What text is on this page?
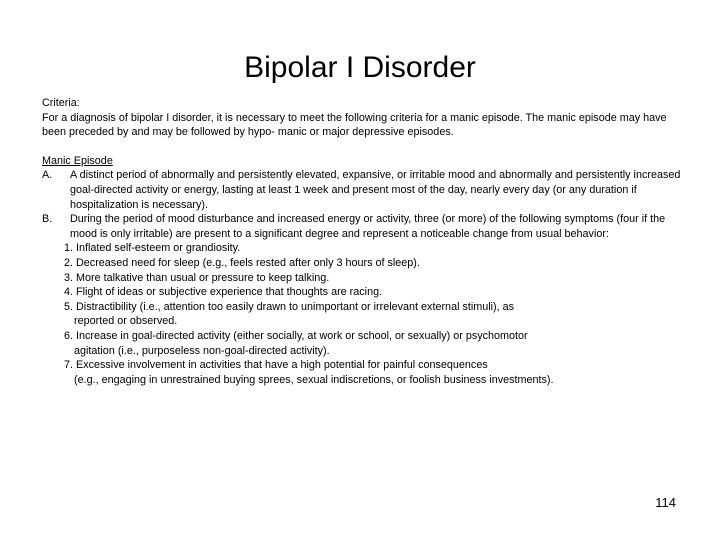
Bipolar I Disorder

Criteria:

For a diagnosis of bipolar I disorder, it is necessary to meet the following criteria for a manic episode. The manic episode may have been preceded by and may be followed by hypo- manic or major depressive episodes.

Manic Episode

A. A distinct period of abnormally and persistently elevated, expansive, or irritable mood and abnormally and persistently increased goal-directed activity or energy, lasting at least 1 week and present most of the day, nearly every day (or any duration if hospitalization is necessary).
B. During the period of mood disturbance and increased energy or activity, three (or more) of the following symptoms (four if the mood is only irritable) are present to a significant degree and represent a noticeable change from usual behavior:
1. Inflated self-esteem or grandiosity.
2. Decreased need for sleep (e.g., feels rested after only 3 hours of sleep).
3. More talkative than usual or pressure to keep talking.
4. Flight of ideas or subjective experience that thoughts are racing.
5. Distractibility (i.e., attention too easily drawn to unimportant or irrelevant external stimuli), as
reported or observed.
6. Increase in goal-directed activity (either socially, at work or school, or sexually) or psychomotor
agitation (i.e., purposeless non-goal-directed activity).
7. Excessive involvement in activities that have a high potential for painful consequences
(e.g., engaging in unrestrained buying sprees, sexual indiscretions, or foolish business investments).
114
